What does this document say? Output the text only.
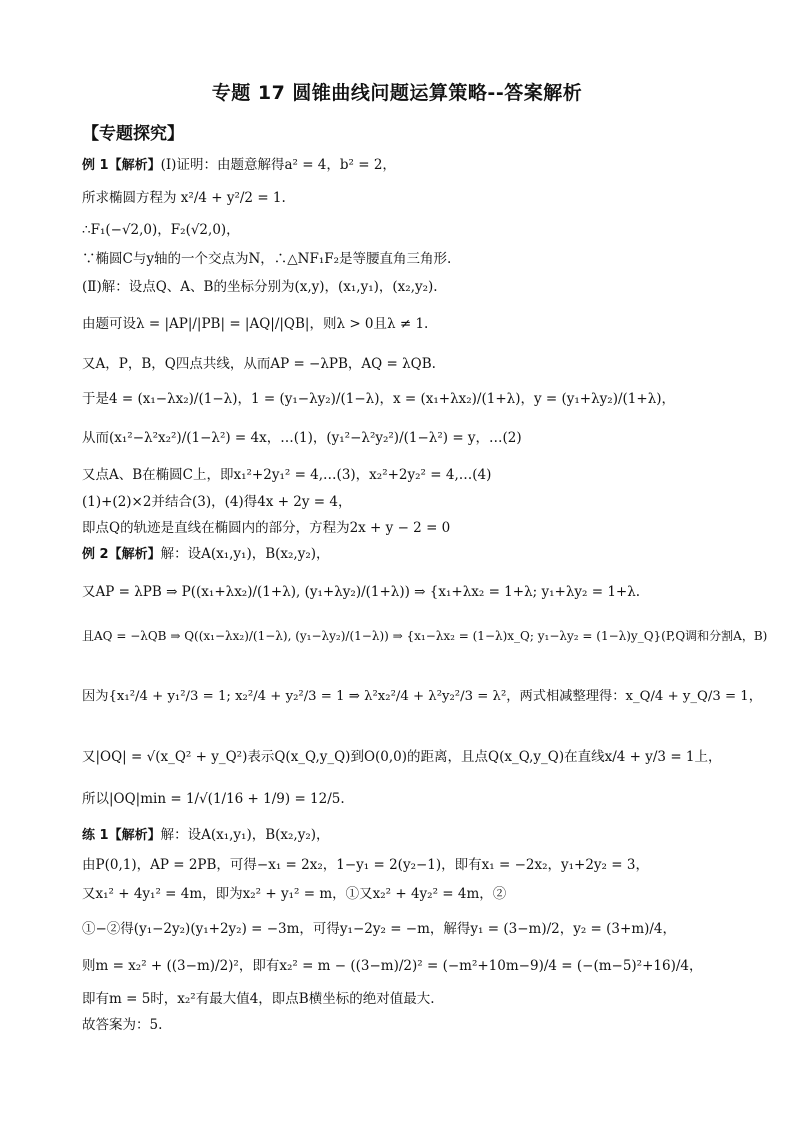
专题 17 圆锥曲线问题运算策略--答案解析
【专题探究】
例 1【解析】(Ⅰ)证明：由题意解得a² = 4，b² = 2，
所求椭圆方程为 x²/4 + y²/2 = 1.
∴F₁(−√2,0)，F₂(√2,0)，
∵椭圆C与y轴的一个交点为N，∴△NF₁F₂是等腰直角三角形.
(Ⅱ)解：设点Q、A、B的坐标分别为(x,y)，(x₁,y₁)，(x₂,y₂).
由题可设λ = |AP|/|PB| = |AQ|/|QB|，则λ > 0且λ ≠ 1.
又A，P，B，Q四点共线，从而AP = −λPB，AQ = λQB.
于是4 = (x₁−λx₂)/(1−λ)，1 = (y₁−λy₂)/(1−λ)，x = (x₁+λx₂)/(1+λ)，y = (y₁+λy₂)/(1+λ)，
从而(x₁²−λ²x₂²)/(1−λ²) = 4x，…(1)，(y₁²−λ²y₂²)/(1−λ²) = y，…(2)
又点A、B在椭圆C上，即x₁²+2y₁² = 4,…(3)，x₂²+2y₂² = 4,…(4)
(1)+(2)×2并结合(3)，(4)得4x + 2y = 4，
即点Q的轨迹是直线在椭圆内的部分，方程为2x + y − 2 = 0
例 2【解析】解：设A(x₁,y₁)，B(x₂,y₂)，
又AP = λPB ⇒ P((x₁+λx₂)/(1+λ), (y₁+λy₂)/(1+λ)) ⇒ {x₁+λx₂ = 1+λ; y₁+λy₂ = 1+λ.
且AQ = −λQB ⇒ Q((x₁−λx₂)/(1−λ), (y₁−λy₂)/(1−λ)) ⇒ {x₁−λx₂ = (1−λ)x_Q; y₁−λy₂ = (1−λ)y_Q}(P,Q调和分割A，B)
因为{x₁²/4 + y₁²/3 = 1; x₂²/4 + y₂²/3 = 1 ⇒ λ²x₂²/4 + λ²y₂²/3 = λ²，两式相减整理得：x_Q/4 + y_Q/3 = 1，
又|OQ| = √(x_Q² + y_Q²)表示Q(x_Q,y_Q)到O(0,0)的距离，且点Q(x_Q,y_Q)在直线x/4 + y/3 = 1上，
所以|OQ|min = 1/√(1/16 + 1/9) = 12/5.
练 1【解析】解：设A(x₁,y₁)，B(x₂,y₂)，
由P(0,1)，AP = 2PB，可得−x₁ = 2x₂，1−y₁ = 2(y₂−1)，即有x₁ = −2x₂，y₁+2y₂ = 3，
又x₁² + 4y₁² = 4m，即为x₂² + y₁² = m，①又x₂² + 4y₂² = 4m，②
①−②得(y₁−2y₂)(y₁+2y₂) = −3m，可得y₁−2y₂ = −m，解得y₁ = (3−m)/2，y₂ = (3+m)/4，
则m = x₂² + ((3−m)/2)²，即有x₂² = m − ((3−m)/2)² = (−m²+10m−9)/4 = (−(m−5)²+16)/4，
即有m = 5时，x₂²有最大值4，即点B横坐标的绝对值最大.
故答案为：5.
